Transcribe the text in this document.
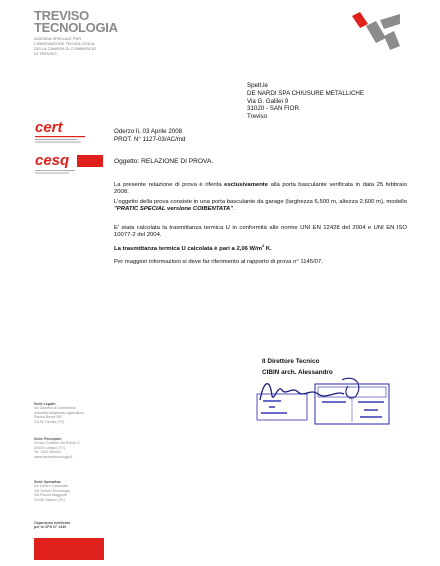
TREVISO
TECNOLOGIA
AZIENDA SPECIALE PER
L'INNOVAZIONE TECNOLOGICA
DELLA CAMERA DI COMMERCIO
DI TREVISO
Spett.le
DE NARDI SPA CHIUSURE METALLICHE
Via G. Galilei 9
31020 - SAN FIOR
Treviso
cert
cesq
Oderzo lì, 03 Aprile 2008
PROT. N° 1127-03/AC/md
Oggetto: RELAZIONE DI PROVA.
La presente relazione di prova è riferita esclusivamente alla porta basculante verificata in data 25 febbraio 2008.
L'oggetto della prova consiste in una porta basculante da garage (larghezza 6,500 m, altezza 2,600 m), modello "PRATIC SPECIAL versione COIBENTATA".
E' stata calcolata la trasmittanza termica U in conformità alle norme UNI EN 12428 del 2004 e UNI EN ISO 10077-2 del 2004.
La trasmittanza termica U calcolata è pari a 2,06 $W/m^2$ K.
Per maggiori informazioni si deve far riferimento al rapporto di prova n° 1145/07.
Il Direttore Tecnico
CIBIN arch. Alessandro
Sede Legale:
c/o Camera di Commercio
Industria Artigianato Agricoltura
Piazza Borsa 3/B
31100 Treviso (TV)
Sede Principale:
Centro Cristallo Via Roma, 4
31040 Lutrano (TV)
Tel. 0422.50xxxx
www.trevisotecnologia.it
Sede Operativa:
c/o Centro Comunale
Via Toniolo Tecnologia
Via Piazza Maggiore
31046 Oderzo (TV)
Organismo notificato
per la CPD N° 1449
